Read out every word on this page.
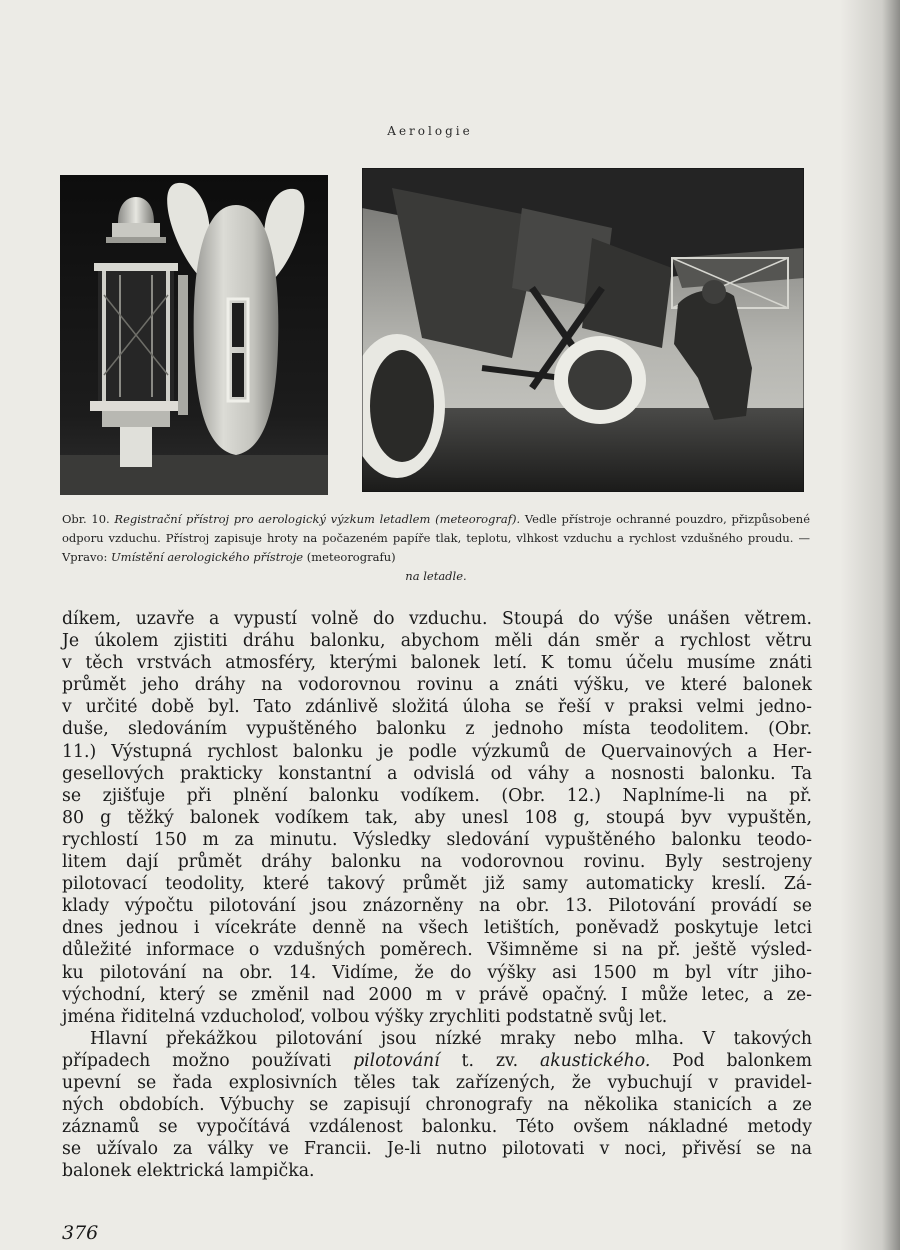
Aerologie
Obr. 10. Registrační přístroj pro aerologický výzkum letadlem (meteorograf). Vedle přístroje ochranné pouzdro, přizpůsobené odporu vzduchu. Přístroj zapisuje hroty na počazeném papíře tlak, teplotu, vlhkost vzduchu a rychlost vzdušného proudu. — Vpravo: Umístění aerologického přístroje (meteorografu)
na letadle.
díkem, uzavře a vypustí volně do vzduchu. Stoupá do výše unášen větrem.
Je úkolem zjistiti dráhu balonku, abychom měli dán směr a rychlost větru
v těch vrstvách atmosféry, kterými balonek letí. K tomu účelu musíme znáti
průmět jeho dráhy na vodorovnou rovinu a znáti výšku, ve které balonek
v určité době byl. Tato zdánlivě složitá úloha se řeší v praksi velmi jedno-
duše, sledováním vypuštěného balonku z jednoho místa teodolitem. (Obr.
11.) Výstupná rychlost balonku je podle výzkumů de Quervainových a Her-
gesellových prakticky konstantní a odvislá od váhy a nosnosti balonku. Ta
se zjišťuje při plnění balonku vodíkem. (Obr. 12.) Naplníme-li na př.
80 g těžký balonek vodíkem tak, aby unesl 108 g, stoupá byv vypuštěn,
rychlostí 150 m za minutu. Výsledky sledování vypuštěného balonku teodo-
litem dají průmět dráhy balonku na vodorovnou rovinu. Byly sestrojeny
pilotovací teodolity, které takový průmět již samy automaticky kreslí. Zá-
klady výpočtu pilotování jsou znázorněny na obr. 13. Pilotování provádí se
dnes jednou i vícekráte denně na všech letištích, poněvadž poskytuje letci
důležité informace o vzdušných poměrech. Všimněme si na př. ještě výsled-
ku pilotování na obr. 14. Vidíme, že do výšky asi 1500 m byl vítr jiho-
východní, který se změnil nad 2000 m v právě opačný. I může letec, a ze-
jména řiditelná vzducholoď, volbou výšky zrychliti podstatně svůj let.
Hlavní překážkou pilotování jsou nízké mraky nebo mlha. V takových
případech možno používati pilotování t. zv. akustického. Pod balonkem
upevní se řada explosivních těles tak zařízených, že vybuchují v pravidel-
ných obdobích. Výbuchy se zapisují chronografy na několika stanicích a ze
záznamů se vypočítává vzdálenost balonku. Této ovšem nákladné metody
se užívalo za války ve Francii. Je-li nutno pilotovati v noci, přivěsí se na
balonek elektrická lampička.
376
